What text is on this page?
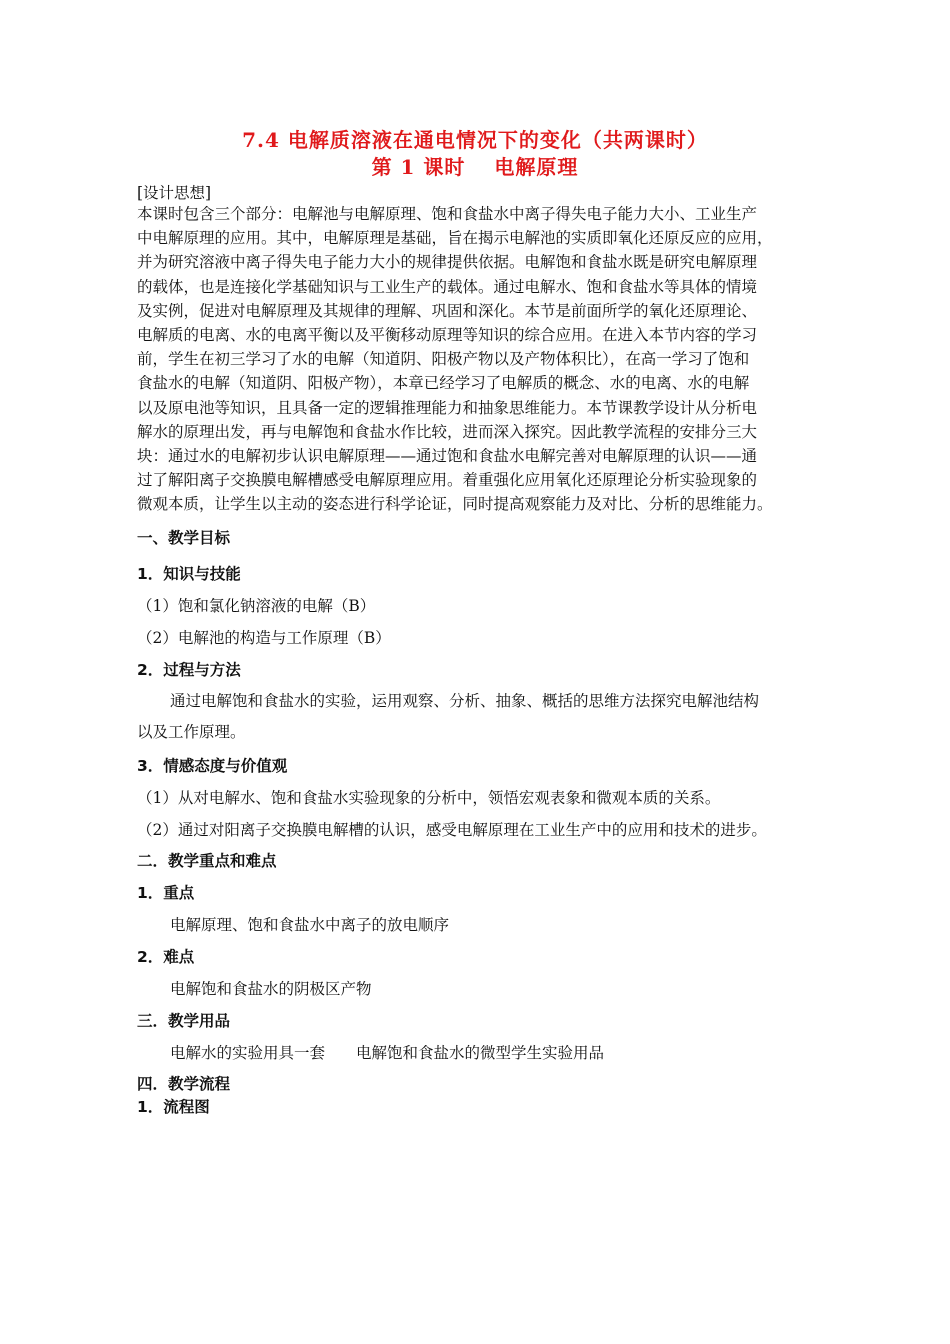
7.4 电解质溶液在通电情况下的变化（共两课时）
第 1 课时　 电解原理
[设计思想]
本课时包含三个部分：电解池与电解原理、饱和食盐水中离子得失电子能力大小、工业生产
中电解原理的应用。其中，电解原理是基础，旨在揭示电解池的实质即氧化还原反应的应用，
并为研究溶液中离子得失电子能力大小的规律提供依据。电解饱和食盐水既是研究电解原理
的载体，也是连接化学基础知识与工业生产的载体。通过电解水、饱和食盐水等具体的情境
及实例，促进对电解原理及其规律的理解、巩固和深化。本节是前面所学的氧化还原理论、
电解质的电离、水的电离平衡以及平衡移动原理等知识的综合应用。在进入本节内容的学习
前，学生在初三学习了水的电解（知道阴、阳极产物以及产物体积比），在高一学习了饱和
食盐水的电解（知道阴、阳极产物），本章已经学习了电解质的概念、水的电离、水的电解
以及原电池等知识，且具备一定的逻辑推理能力和抽象思维能力。本节课教学设计从分析电
解水的原理出发，再与电解饱和食盐水作比较，进而深入探究。因此教学流程的安排分三大
块：通过水的电解初步认识电解原理——通过饱和食盐水电解完善对电解原理的认识——通
过了解阳离子交换膜电解槽感受电解原理应用。着重强化应用氧化还原理论分析实验现象的
微观本质，让学生以主动的姿态进行科学论证，同时提高观察能力及对比、分析的思维能力。
一、教学目标
1．知识与技能
（1）饱和氯化钠溶液的电解（B）
（2）电解池的构造与工作原理（B）
2．过程与方法
通过电解饱和食盐水的实验，运用观察、分析、抽象、概括的思维方法探究电解池结构
以及工作原理。
3．情感态度与价值观
（1）从对电解水、饱和食盐水实验现象的分析中，领悟宏观表象和微观本质的关系。
（2）通过对阳离子交换膜电解槽的认识，感受电解原理在工业生产中的应用和技术的进步。
二．教学重点和难点
1．重点
电解原理、饱和食盐水中离子的放电顺序
2．难点
电解饱和食盐水的阴极区产物
三．教学用品
电解水的实验用具一套　　电解饱和食盐水的微型学生实验用品
四．教学流程
1．流程图
